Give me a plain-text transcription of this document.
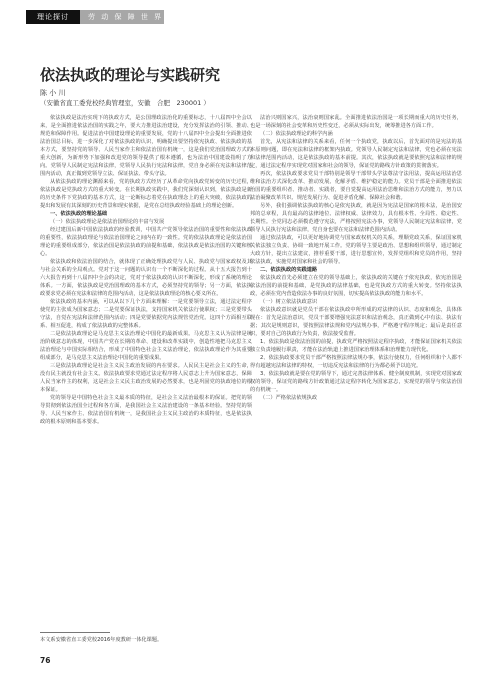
理论探讨	劳 动 保 障 世 界
依法执政的理论与实践研究
陈 小 川
（安徽省直工委党校经典管理室，安徽　合肥　230001 ）

依法执政是法治实现下的执政方式，是公国理政法治化的重要标志，十八届四中全会以来，是全面推进依法治国的实践之年，要大力推进法治建设，充分发挥法治的引领、推动、规范和保障作用。促进法治中国建设理论的重要发展，党的十八届四中全会提出全面推进依法治国总目标，进一步深化了对依法执政的认识，明确提出要坚持依宪执政、依法执政的基本方式，要坚持党的领导、人民当家作主和依法治国有机统一，这是我们党治国理政方式的重大创新，为新形势下加强和改进党的领导提供了根本遵循，也为法治中国建设指明了方向。党领导人民制定宪法和法律，党领导人民执行宪法和法律，党自身必须在宪法和法律范围内活动，真正做到党领导立法、保证执法、带头守法。

从依法执政的理论渊源来看，党的执政方式经历了从革命党向执政党转变的历史过程，依法执政是党执政方式的重大转变。在长期执政实践中，我们党深刻认识到，依法执政是新的历史条件下党执政的基本方式，这一论断标志着党在执政理念上的重大突破，依法执政的提出和发展有其深刻的历史背景和现实依据，是党在总结执政经验基础上的理论创新。

一、依法执政的理论基础

（一）依法执政理论是依法治国理论的丰富与发展

经过建国后新中国依法执政的经验教训，中国共产党领导依法治国的重要性和依法执政的重要性，依法执政理论与依法治国理论之间内在的一致性。党的依法执政理论是依法治国理论的重要组成部分，依法治国是依法执政的前提和基础，依法执政是依法治国的关键和核心。

依法执政和依法治国的结合，就体现了正确处理执政党与人民、执政党与国家政权及其与社会关系的全局观点。党对于这一问题的认识有一个不断深化的过程。从十五大报告到十六大报告再到十八届四中全会的决定，党对于依法执政的认识不断深化，形成了系统的理论体系。一方面，依法执政是党治国理政的基本方式，必须坚持党的领导；另一方面，依法执政要求党必须在宪法和法律的范围内活动，这是依法执政理论的核心要义所在。

依法执政的基本内涵，可以从以下几个方面来理解：一是党要领导立法，通过法定程序使党的主张成为国家意志；二是党要保证执法，支持国家机关依法行使职权；三是党要带头守法，自觉在宪法和法律范围内活动；四是党要依据党内法规管党治党。这四个方面相互联系、相互促进，构成了依法执政的完整体系。

二是依法执政理论是马克思主义法治理论中国化的最新成果。马克思主义认为法律是统治阶级意志的体现，中国共产党在长期的革命、建设和改革实践中，创造性地把马克思主义法治理论与中国实际相结合，形成了中国特色社会主义法治理论，依法执政理论作为其重要组成部分，是马克思主义法治理论中国化的重要成果。

三是依法执政理论是社会主义民主政治发展的内在要求。人民民主是社会主义的生命，没有民主就没有社会主义。依法执政要求党通过法定程序将人民意志上升为国家意志，保障人民当家作主的权利，这是社会主义民主政治发展的必然要求，也是巩固党的执政地位的根本保证。

党的领导是中国特色社会主义最本质的特征，是社会主义法治最根本的保证。把党的领导贯彻到依法治国全过程和各方面，是我国社会主义法治建设的一条基本经验。坚持党的领导、人民当家作主、依法治国有机统一，是我国社会主义民主政治的本质特征，也是依法执政的根本原则和基本要求。

法治兴则国家兴，法治衰则国家乱。全面推进依法治国是一项长期而重大的历史任务，也是一场深刻的社会变革和历史性变迁，必须从实际出发，统筹推进各方面工作。

（二）依法执政理论的科学内涵

首先，从宪法和法律的关系来看，任何一个执政党，执政以后，首先面对的是宪法的基本原则问题，即在宪法和法律的框架内执政。党领导人民制定宪法和法律，党也必须在宪法和法律范围内活动，这是依法执政的基本前提。其次，依法执政就是要依照宪法和法律的规定，通过法定程序实现党对国家和社会的领导，保证党的路线方针政策的贯彻落实。

再次，依法执政要求党员干部特别是领导干部带头学法尊法守法用法，提高运用法治思维和法治方式深化改革、推动发展、化解矛盾、维护稳定的能力。党员干部是全面推进依法治国的重要组织者、推动者、实践者，要自觉提高运用法治思维和法治方式的能力，努力以法治凝聚改革共识、规范发展行为、促进矛盾化解、保障社会和谐。

另外，我们强调依法执政的核心是依宪执政，就是因为宪法是国家的根本法，是治国安邦的总章程，具有最高的法律地位、法律权威、法律效力，具有根本性、全局性、稳定性、长期性。全党同志必须模范遵守宪法，严格按照宪法办事，党领导人民制定宪法和法律，党领导人民执行宪法和法律，党自身也要在宪法和法律范围内活动。

通过依法执政，可以更好地协调党与国家政权机关的关系，理顺党政关系，保证国家机关依法独立负责、协调一致地开展工作。党的领导主要是政治、思想和组织领导，通过制定大政方针，提出立法建议，推荐重要干部，进行思想宣传，发挥党组织和党员的作用，坚持依法执政，实施党对国家和社会的领导。

二、依法执政的实践道路

依法执政首先必须建立在党的领导基础上，依法执政的关键在于依宪执政，依宪治国是依法治国的前提和基础，是党执政的法律基础，也是党执政方式的重大转变。坚持依法执政，必须在党内营造依法办事的良好氛围，切实提高依法执政的能力和水平。

（一）树立依法执政意识

依法执政意识就是党员干部在依法执政中所形成的对法律的认识、态度和观念，具体体现在：首先是法治意识，党员干部要增强宪法意识和法治观念，真正做到心中有法、执法有据；其次是规则意识，要按照法律法规和党内法规办事，严格遵守程序规定；最后是责任意识，要对自己的执政行为负责，依法接受监督。

1、依法执政是依法治国的前提，执政党严格按照法定程序执政，才能保证国家机关依法独立负责地履行职责，才能在法治轨道上推进国家治理体系和治理能力现代化。

2、依法执政要求党员干部严格按照法律法规办事，依法行使权力，任何组织和个人都不得有超越宪法和法律的特权，一切违反宪法和法律的行为都必须予以追究。

3、依法执政就是要在党的领导下，通过完善法律体系、健全制度机制，实现党对国家政权的领导，保证党的路线方针政策通过法定程序转化为国家意志，实现党的领导与依法治国的有机统一。

（二）严格依法依规执政

本文系安徽省直工委党校2016年度教研一体化课题。
76
